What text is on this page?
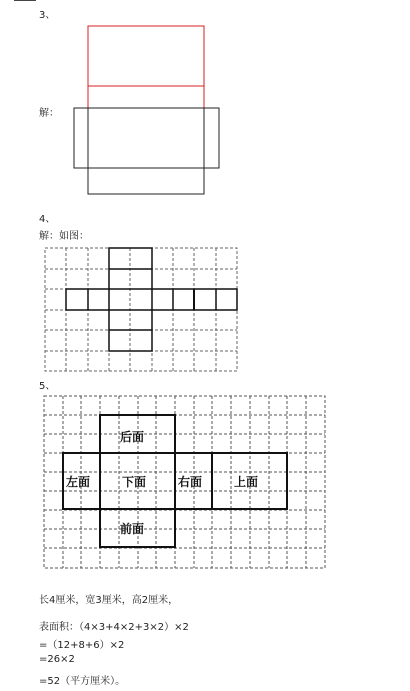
3、
解：
4、
解：如图：
5、
后面
左面	下面	右面	上面
前面
长4厘米，宽3厘米，高2厘米，
表面积：（4×3+4×2+3×2）×2
=（12+8+6）×2
=26×2
=52（平方厘米）。
